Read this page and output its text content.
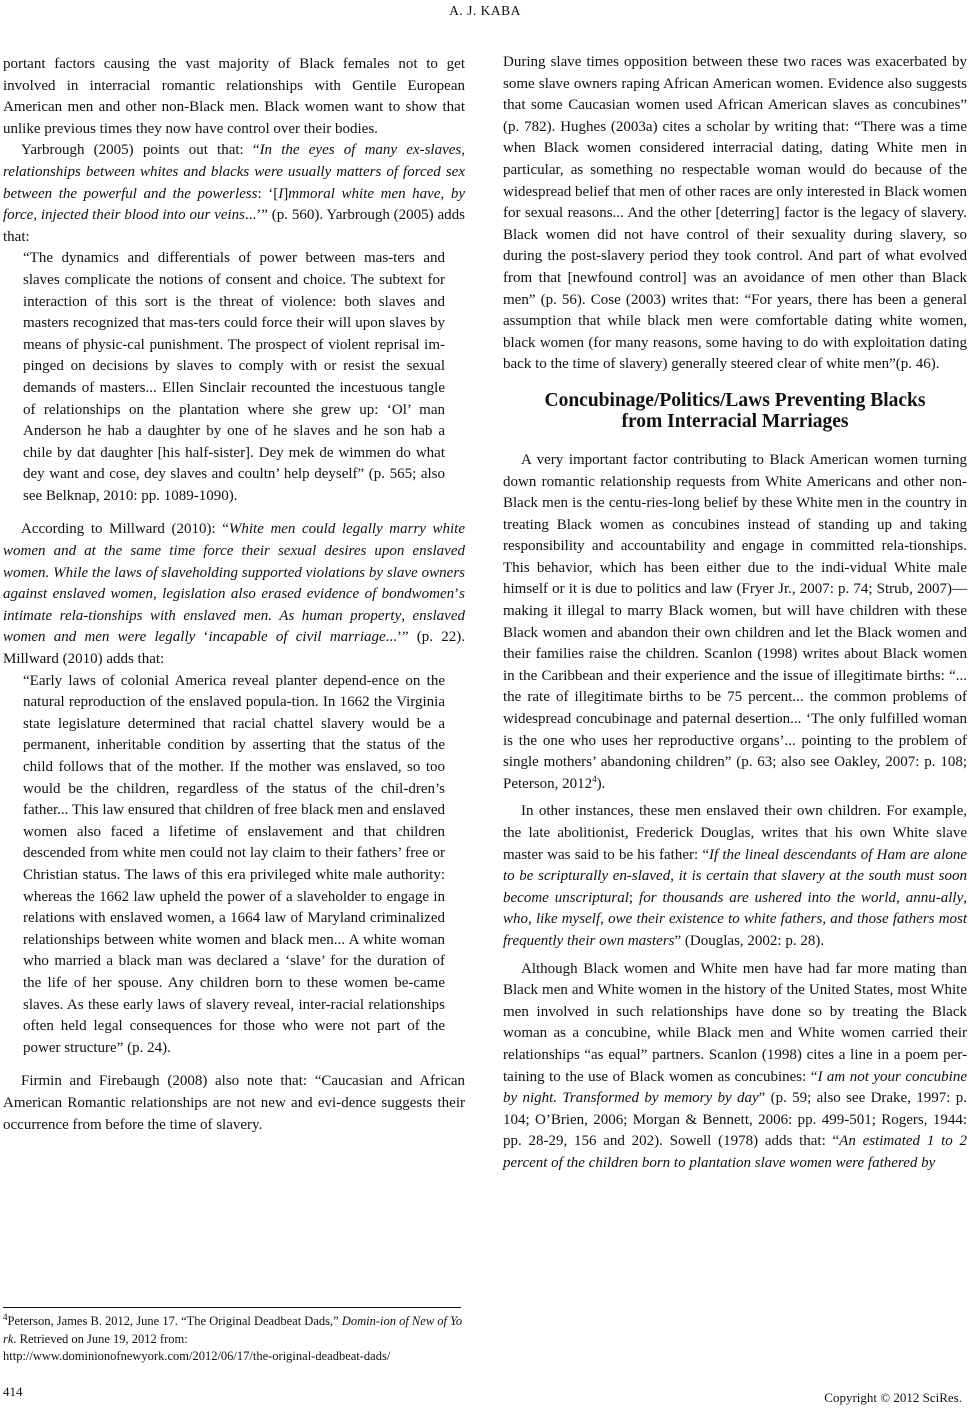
A. J. KABA

portant factors causing the vast majority of Black females not to get involved in interracial romantic relationships with Gentile European American men and other non-Black men. Black women want to show that unlike previous times they now have control over their bodies.

Yarbrough (2005) points out that: “In the eyes of many ex-slaves, relationships between whites and blacks were usually matters of forced sex between the powerful and the powerless: ‘[I]mmoral white men have, by force, injected their blood into our veins...’” (p. 560). Yarbrough (2005) adds that:

“The dynamics and differentials of power between mas-ters and slaves complicate the notions of consent and choice. The subtext for interaction of this sort is the threat of violence: both slaves and masters recognized that mas-ters could force their will upon slaves by means of physic-cal punishment. The prospect of violent reprisal im-pinged on decisions by slaves to comply with or resist the sexual demands of masters... Ellen Sinclair recounted the incestuous tangle of relationships on the plantation where she grew up: ‘Ol’ man Anderson he hab a daughter by one of he slaves and he son hab a chile by dat daughter [his half-sister]. Dey mek de wimmen do what dey want and cose, dey slaves and coultn’ help deyself” (p. 565; also see Belknap, 2010: pp. 1089-1090).

According to Millward (2010): “White men could legally marry white women and at the same time force their sexual desires upon enslaved women. While the laws of slaveholding supported violations by slave owners against enslaved women, legislation also erased evidence of bondwomen’s intimate rela-tionships with enslaved men. As human property, enslaved women and men were legally ‘incapable of civil marriage...’” (p. 22). Millward (2010) adds that:

“Early laws of colonial America reveal planter depend-ence on the natural reproduction of the enslaved popula-tion. In 1662 the Virginia state legislature determined that racial chattel slavery would be a permanent, inheritable condition by asserting that the status of the child follows that of the mother. If the mother was enslaved, so too would be the children, regardless of the status of the chil-dren’s father... This law ensured that children of free black men and enslaved women also faced a lifetime of enslavement and that children descended from white men could not lay claim to their fathers’ free or Christian status. The laws of this era privileged white male authority: whereas the 1662 law upheld the power of a slaveholder to engage in relations with enslaved women, a 1664 law of Maryland criminalized relationships between white women and black men... A white woman who married a black man was declared a ‘slave’ for the duration of the life of her spouse. Any children born to these women be-came slaves. As these early laws of slavery reveal, inter-racial relationships often held legal consequences for those who were not part of the power structure” (p. 24).

Firmin and Firebaugh (2008) also note that: “Caucasian and African American Romantic relationships are not new and evi-dence suggests their occurrence from before the time of slavery.

$^4$Peterson, James B. 2012, June 17. “The Original Deadbeat Dads,” Domin-ion of New of York. Retrieved on June 19, 2012 from:
http://www.dominionofnewyork.com/2012/06/17/the-original-deadbeat-dads/

During slave times opposition between these two races was exacerbated by some slave owners raping African American women. Evidence also suggests that some Caucasian women used African American slaves as concubines” (p. 782). Hughes (2003a) cites a scholar by writing that: “There was a time when Black women considered interracial dating, dating White men in particular, as something no respectable woman would do because of the widespread belief that men of other races are only interested in Black women for sexual reasons... And the other [deterring] factor is the legacy of slavery. Black women did not have control of their sexuality during slavery, so during the post-slavery period they took control. And part of what evolved from that [newfound control] was an avoidance of men other than Black men” (p. 56). Cose (2003) writes that: “For years, there has been a general assumption that while black men were comfortable dating white women, black women (for many reasons, some having to do with exploitation dating back to the time of slavery) generally steered clear of white men”(p. 46).

Concubinage/Politics/Laws Preventing Blacks
from Interracial Marriages

A very important factor contributing to Black American women turning down romantic relationship requests from White Americans and other non-Black men is the centu-ries-long belief by these White men in the country in treating Black women as concubines instead of standing up and taking responsibility and accountability and engage in committed rela-tionships. This behavior, which has been either due to the indi-vidual White male himself or it is due to politics and law (Fryer Jr., 2007: p. 74; Strub, 2007)—making it illegal to marry Black women, but will have children with these Black women and abandon their own children and let the Black women and their families raise the children. Scanlon (1998) writes about Black women in the Caribbean and their experience and the issue of illegitimate births: “... the rate of illegitimate births to be 75 percent... the common problems of widespread concubinage and paternal desertion... ‘The only fulfilled woman is the one who uses her reproductive organs’... pointing to the problem of single mothers’ abandoning children” (p. 63; also see Oakley, 2007: p. 108; Peterson, 2012$^4$).

In other instances, these men enslaved their own children. For example, the late abolitionist, Frederick Douglas, writes that his own White slave master was said to be his father: “If the lineal descendants of Ham are alone to be scripturally en-slaved, it is certain that slavery at the south must soon become unscriptural; for thousands are ushered into the world, annu-ally, who, like myself, owe their existence to white fathers, and those fathers most frequently their own masters” (Douglas, 2002: p. 28).

Although Black women and White men have had far more mating than Black men and White women in the history of the United States, most White men involved in such relationships have done so by treating the Black woman as a concubine, while Black men and White women carried their relationships “as equal” partners. Scanlon (1998) cites a line in a poem per-taining to the use of Black women as concubines: “I am not your concubine by night. Transformed by memory by day” (p. 59; also see Drake, 1997: p. 104; O’Brien, 2006; Morgan & Bennett, 2006: pp. 499-501; Rogers, 1944: pp. 28-29, 156 and 202). Sowell (1978) adds that: “An estimated 1 to 2 percent of the children born to plantation slave women were fathered by

414	Copyright © 2012 SciRes.
